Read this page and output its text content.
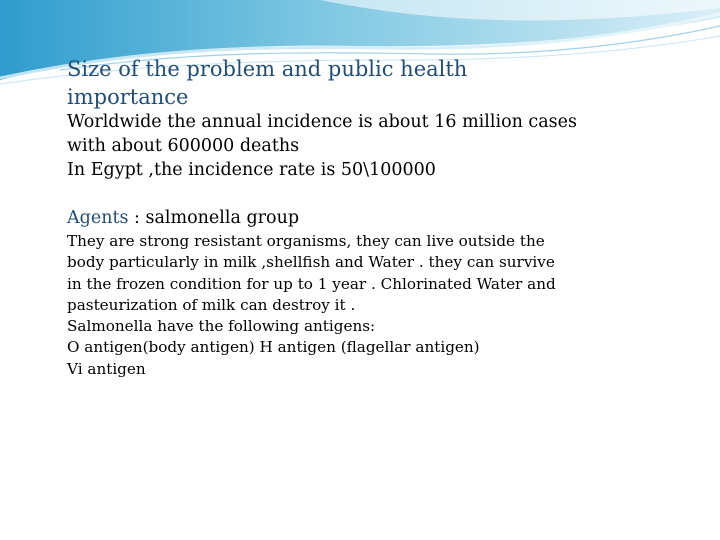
Size of the problem and public health
importance
Worldwide the annual incidence is about 16 million cases
with about 600000 deaths
In Egypt ,the incidence rate is 50\100000
Agents : salmonella group
They are strong resistant organisms, they can live outside the
body particularly in milk ,shellfish and Water . they can survive
in the frozen condition for up to 1 year . Chlorinated Water and
pasteurization of milk can destroy it .
Salmonella have the following antigens:
O antigen(body antigen) H antigen (flagellar antigen)
Vi antigen
